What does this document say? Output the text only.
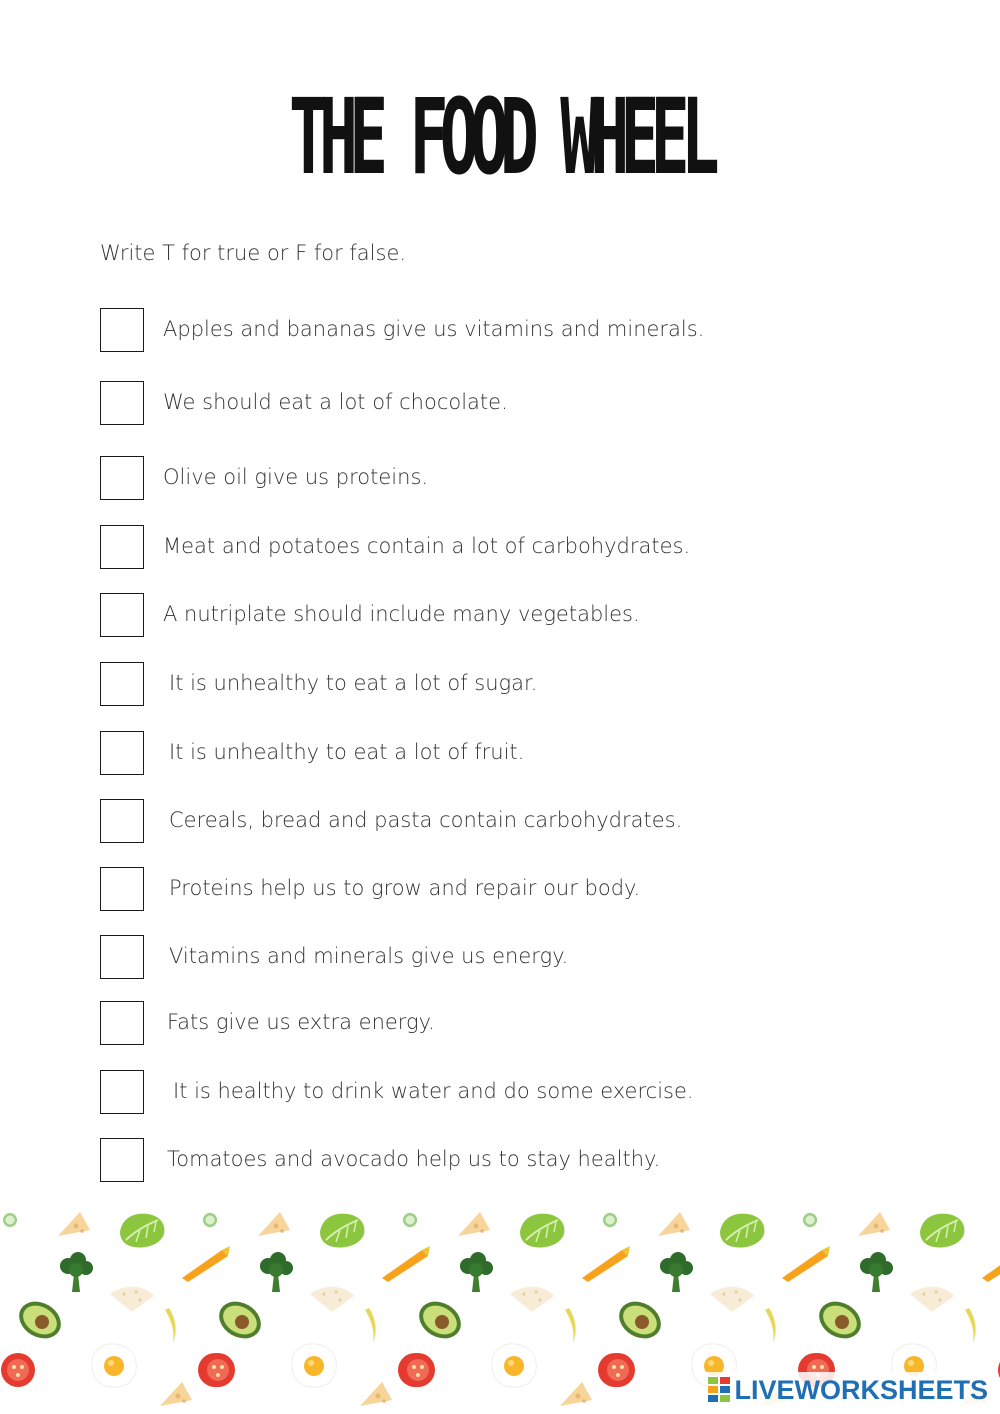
THE FOOD WHEEL
Write T for true or F for false.
Apples and bananas give us vitamins and minerals.
We should eat a lot of chocolate.
Olive oil give us proteins.
Meat and potatoes contain a lot of carbohydrates.
A nutriplate should include many vegetables.
It is unhealthy to eat a lot of sugar.
It is unhealthy to eat a lot of fruit.
Cereals, bread and pasta contain carbohydrates.
Proteins help us to grow and repair our body.
Vitamins and minerals give us energy.
Fats give us extra energy.
It is healthy to drink water and do some exercise.
Tomatoes and avocado help us to stay healthy.
LIVEWORKSHEETS
